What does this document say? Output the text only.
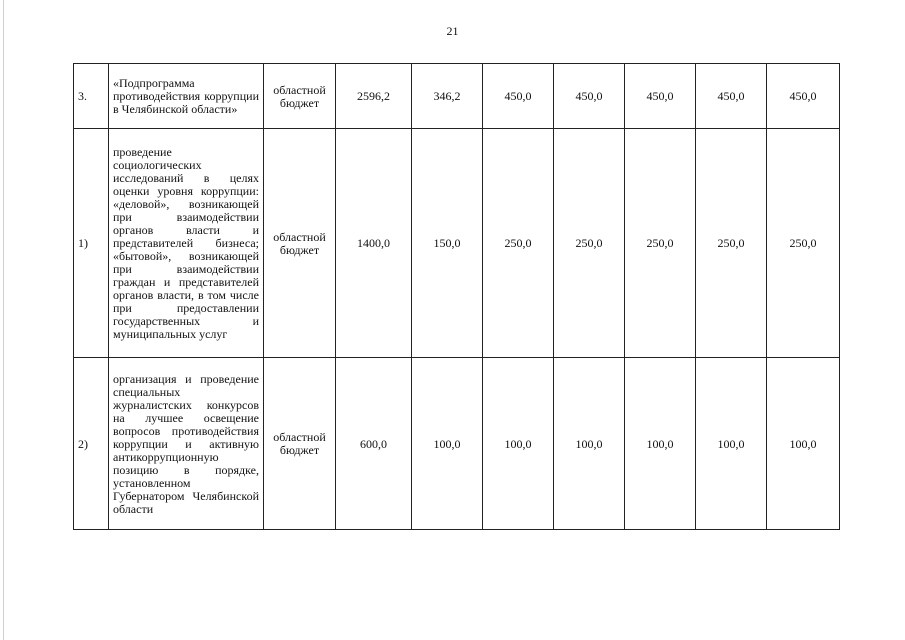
21
3.	«Подпрограмма противодействия коррупции в Челябинской области»	областной бюджет	2596,2	346,2	450,0	450,0	450,0	450,0	450,0
1)	проведение социологических исследований в целях оценки уровня коррупции: «деловой», возникающей при взаимодействии органов власти и представителей бизнеса; «бытовой», возникающей при взаимодействии граждан и представителей органов власти, в том числе при предоставлении государственных и муниципальных услуг	областной бюджет	1400,0	150,0	250,0	250,0	250,0	250,0	250,0
2)	организация и проведение специальных журналистских конкурсов на лучшее освещение вопросов противодействия коррупции и активную антикоррупционную позицию в порядке, установленном Губернатором Челябинской области	областной бюджет	600,0	100,0	100,0	100,0	100,0	100,0	100,0
